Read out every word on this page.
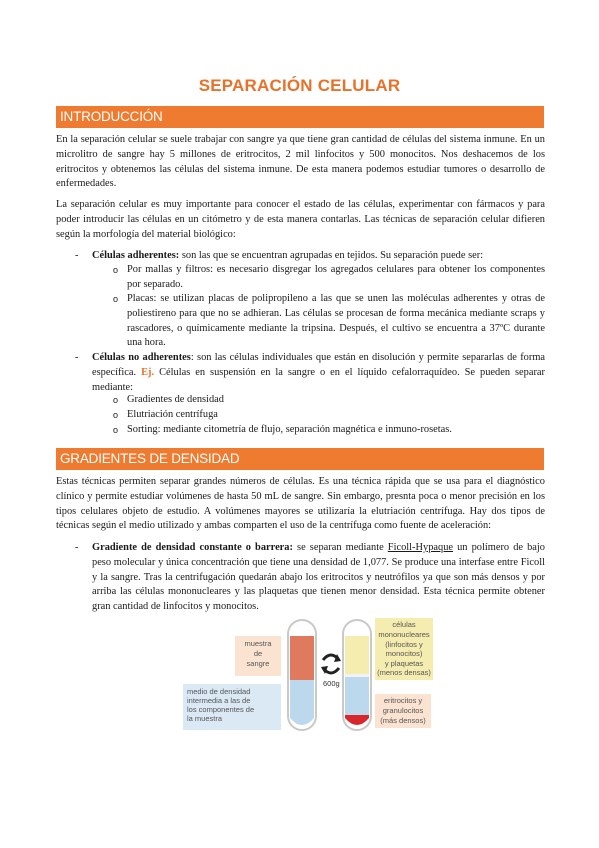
SEPARACIÓN CELULAR
INTRODUCCIÓN
En la separación celular se suele trabajar con sangre ya que tiene gran cantidad de células del sistema inmune. En un microlitro de sangre hay 5 millones de eritrocitos, 2 mil linfocitos y 500 monocitos. Nos deshacemos de los eritrocitos y obtenemos las células del sistema inmune. De esta manera podemos estudiar tumores o desarrollo de enfermedades.
La separación celular es muy importante para conocer el estado de las células, experimentar con fármacos y para poder introducir las células en un citómetro y de esta manera contarlas. Las técnicas de separación celular difieren según la morfología del material biológico:
- Células adherentes: son las que se encuentran agrupadas en tejidos. Su separación puede ser:
o Por mallas y filtros: es necesario disgregar los agregados celulares para obtener los componentes por separado.
o Placas: se utilizan placas de polipropileno a las que se unen las moléculas adherentes y otras de poliestireno para que no se adhieran. Las células se procesan de forma mecánica mediante scraps y rascadores, o químicamente mediante la tripsina. Después, el cultivo se encuentra a 37ºC durante una hora.
- Células no adherentes: son las células individuales que están en disolución y permite separarlas de forma específica. Ej. Células en suspensión en la sangre o en el líquido cefalorraquídeo. Se pueden separar mediante:
o Gradientes de densidad
o Elutriación centrífuga
o Sorting: mediante citometría de flujo, separación magnética e inmuno-rosetas.
GRADIENTES DE DENSIDAD
Estas técnicas permiten separar grandes números de células. Es una técnica rápida que se usa para el diagnóstico clínico y permite estudiar volúmenes de hasta 50 mL de sangre. Sin embargo, presnta poca o menor precisión en los tipos celulares objeto de estudio. A volúmenes mayores se utilizaría la elutriación centrífuga. Hay dos tipos de técnicas según el medio utilizado y ambas comparten el uso de la centrífuga como fuente de aceleración:
- Gradiente de densidad constante o barrera: se separan mediante Ficoll-Hypaque un polímero de bajo peso molecular y única concentración que tiene una densidad de 1,077. Se produce una interfase entre Ficoll y la sangre. Tras la centrifugación quedarán abajo los eritrocitos y neutrófilos ya que son más densos y por arriba las células mononucleares y las plaquetas que tienen menor densidad. Esta técnica permite obtener gran cantidad de linfocitos y monocitos.
muestra
de
sangre
medio de densidad
intermedia a las de
los componentes de
la muestra
600g
células
mononucleares
(linfocitos y
monocitos)
y plaquetas
(menos densas)
eritrocitos y
granulocitos
(más densos)
